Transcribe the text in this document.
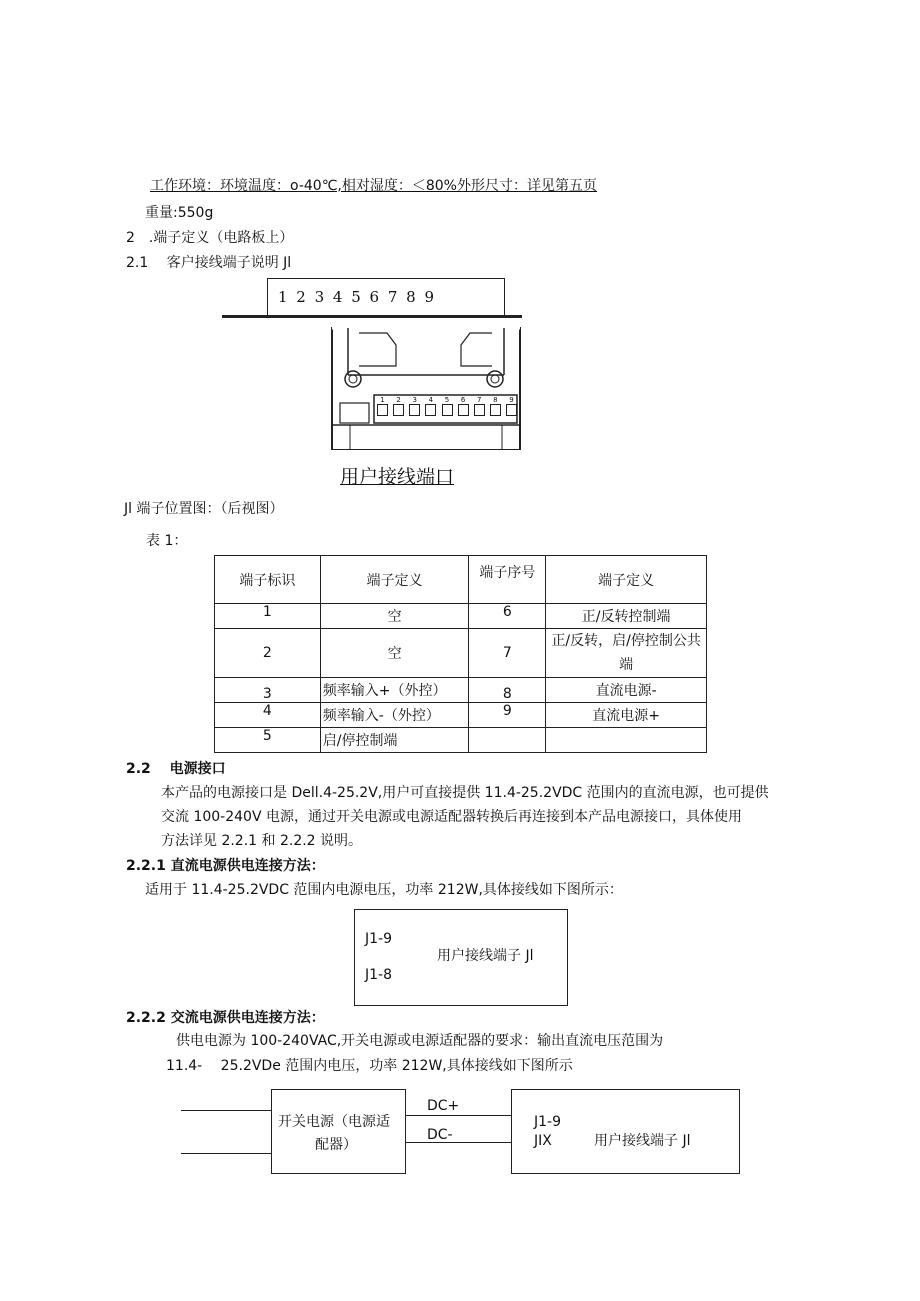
工作环境：环境温度：o-40℃,相对湿度：＜80%外形尺寸：详见第五页
重量:550g
2　.端子定义（电路板上）
2.1　 客户接线端子说明 Jl
1 2 3 4 5 6 7 8 9
1 2 3 4 5 6 7 8 9
用户接线端口
Jl 端子位置图：（后视图）
表 1：
端子标识	端子定义	端子序号	端子定义
1	空	6	正/反转控制端
2	空	7	正/反转，启/停控制公共端
3	频率输入+（外控）	8	直流电源-
4	频率输入-（外控）	9	直流电源+
5	启/停控制端		
2.2　 电源接口
本产品的电源接口是 Dell.4-25.2V,用户可直接提供 11.4-25.2VDC 范围内的直流电源，也可提供
交流 100-240V 电源，通过开关电源或电源适配器转换后再连接到本产品电源接口，具体使用
方法详见 2.2.1 和 2.2.2 说明。
2.2.1 直流电源供电连接方法：
适用于 11.4-25.2VDC 范围内电源电压，功率 212W,具体接线如下图所示：
J1-9
用户接线端子 Jl
J1-8
2.2.2 交流电源供电连接方法：
供电电源为 100-240VAC,开关电源或电源适配器的要求：输出直流电压范围为
11.4-　 25.2VDe 范围内电压，功率 212W,具体接线如下图所示
开关电源（电源适
配器）
DC+
DC-
J1-9
JIX	用户接线端子 Jl
